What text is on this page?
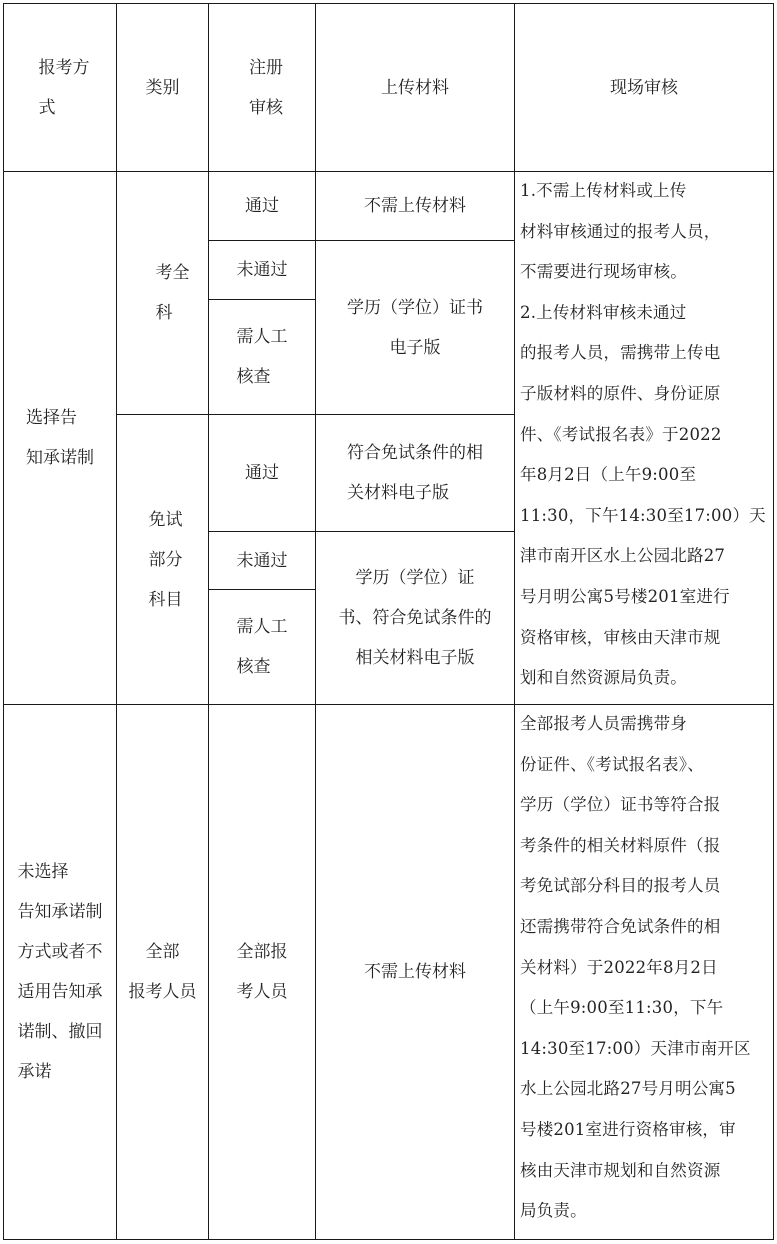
报考方
式
类别
注册
审核
上传材料	现场审核
选择告
知承诺制
考全
科
免试
部分
科目
通过
未通过
需人工
核查
通过
未通过
需人工
核查
不需上传材料
学历（学位）证书
电子版
符合免试条件的相
关材料电子版
学历（学位）证
书、符合免试条件的
相关材料电子版
1.不需上传材料或上传
材料审核通过的报考人员，
不需要进行现场审核。
2.上传材料审核未通过
的报考人员，需携带上传电
子版材料的原件、身份证原
件、《考试报名表》于2022
年8月2日（上午9:00至
11:30，下午14:30至17:00）天
津市南开区水上公园北路27
号月明公寓5号楼201室进行
资格审核，审核由天津市规
划和自然资源局负责。
未选择
告知承诺制
方式或者不
适用告知承
诺制、撤回
承诺
全部
报考人员
全部报
考人员
不需上传材料
全部报考人员需携带身
份证件、《考试报名表》、
学历（学位）证书等符合报
考条件的相关材料原件（报
考免试部分科目的报考人员
还需携带符合免试条件的相
关材料）于2022年8月2日
（上午9:00至11:30，下午
14:30至17:00）天津市南开区
水上公园北路27号月明公寓5
号楼201室进行资格审核，审
核由天津市规划和自然资源
局负责。
